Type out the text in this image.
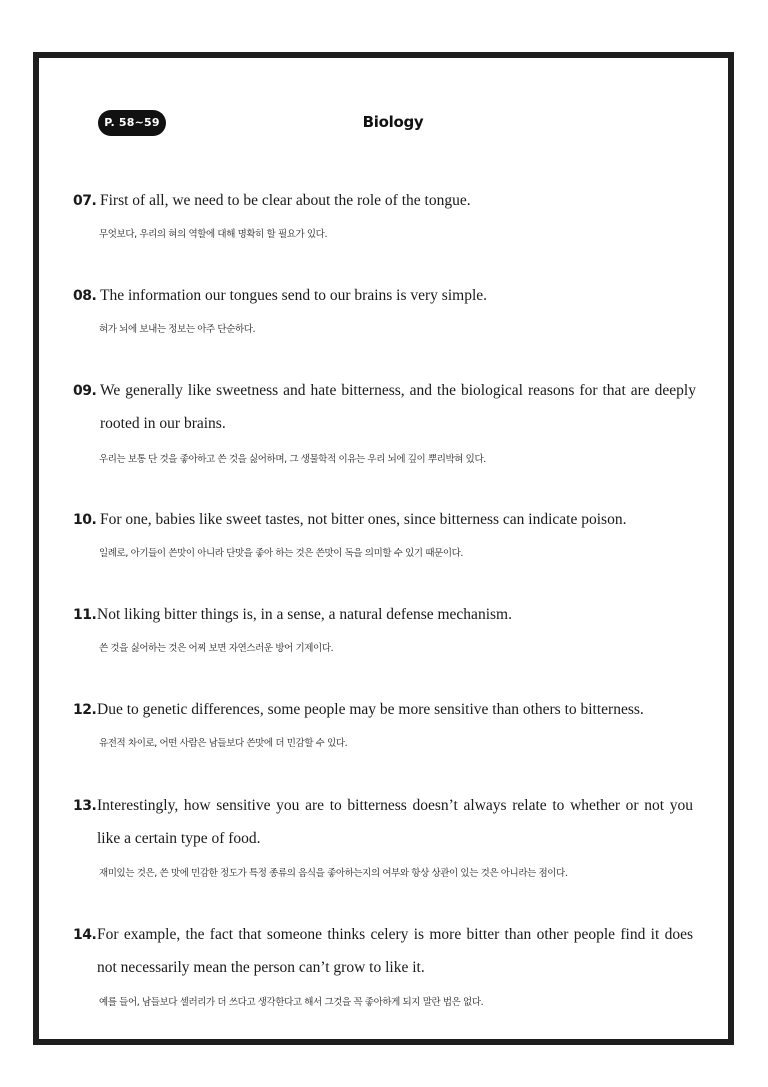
P. 58~59	Biology
07. First of all, we need to be clear about the role of the tongue.

무엇보다, 우리의 혀의 역할에 대해 명확히 할 필요가 있다.

08. The information our tongues send to our brains is very simple.

혀가 뇌에 보내는 정보는 아주 단순하다.

09. We generally like sweetness and hate bitterness, and the biological reasons for that are deeply rooted in our brains.

우리는 보통 단 것을 좋아하고 쓴 것을 싫어하며, 그 생물학적 이유는 우리 뇌에 깊이 뿌리박혀 있다.

10. For one, babies like sweet tastes, not bitter ones, since bitterness can indicate poison.

일례로, 아기들이 쓴맛이 아니라 단맛을 좋아 하는 것은 쓴맛이 독을 의미할 수 있기 때문이다.

11. Not liking bitter things is, in a sense, a natural defense mechanism.

쓴 것을 싫어하는 것은 어찌 보면 자연스러운 방어 기제이다.

12. Due to genetic differences, some people may be more sensitive than others to bitterness.

유전적 차이로, 어떤 사람은 남들보다 쓴맛에 더 민감할 수 있다.

13. Interestingly, how sensitive you are to bitterness doesn’t always relate to whether or not you like a certain type of food.

재미있는 것은, 쓴 맛에 민감한 정도가 특정 종류의 음식을 좋아하는지의 여부와 항상 상관이 있는 것은 아니라는 점이다.

14. For example, the fact that someone thinks celery is more bitter than other people find it does not necessarily mean the person can’t grow to like it.

예를 들어, 남들보다 셀러리가 더 쓰다고 생각한다고 해서 그것을 꼭 좋아하게 되지 말란 법은 없다.
